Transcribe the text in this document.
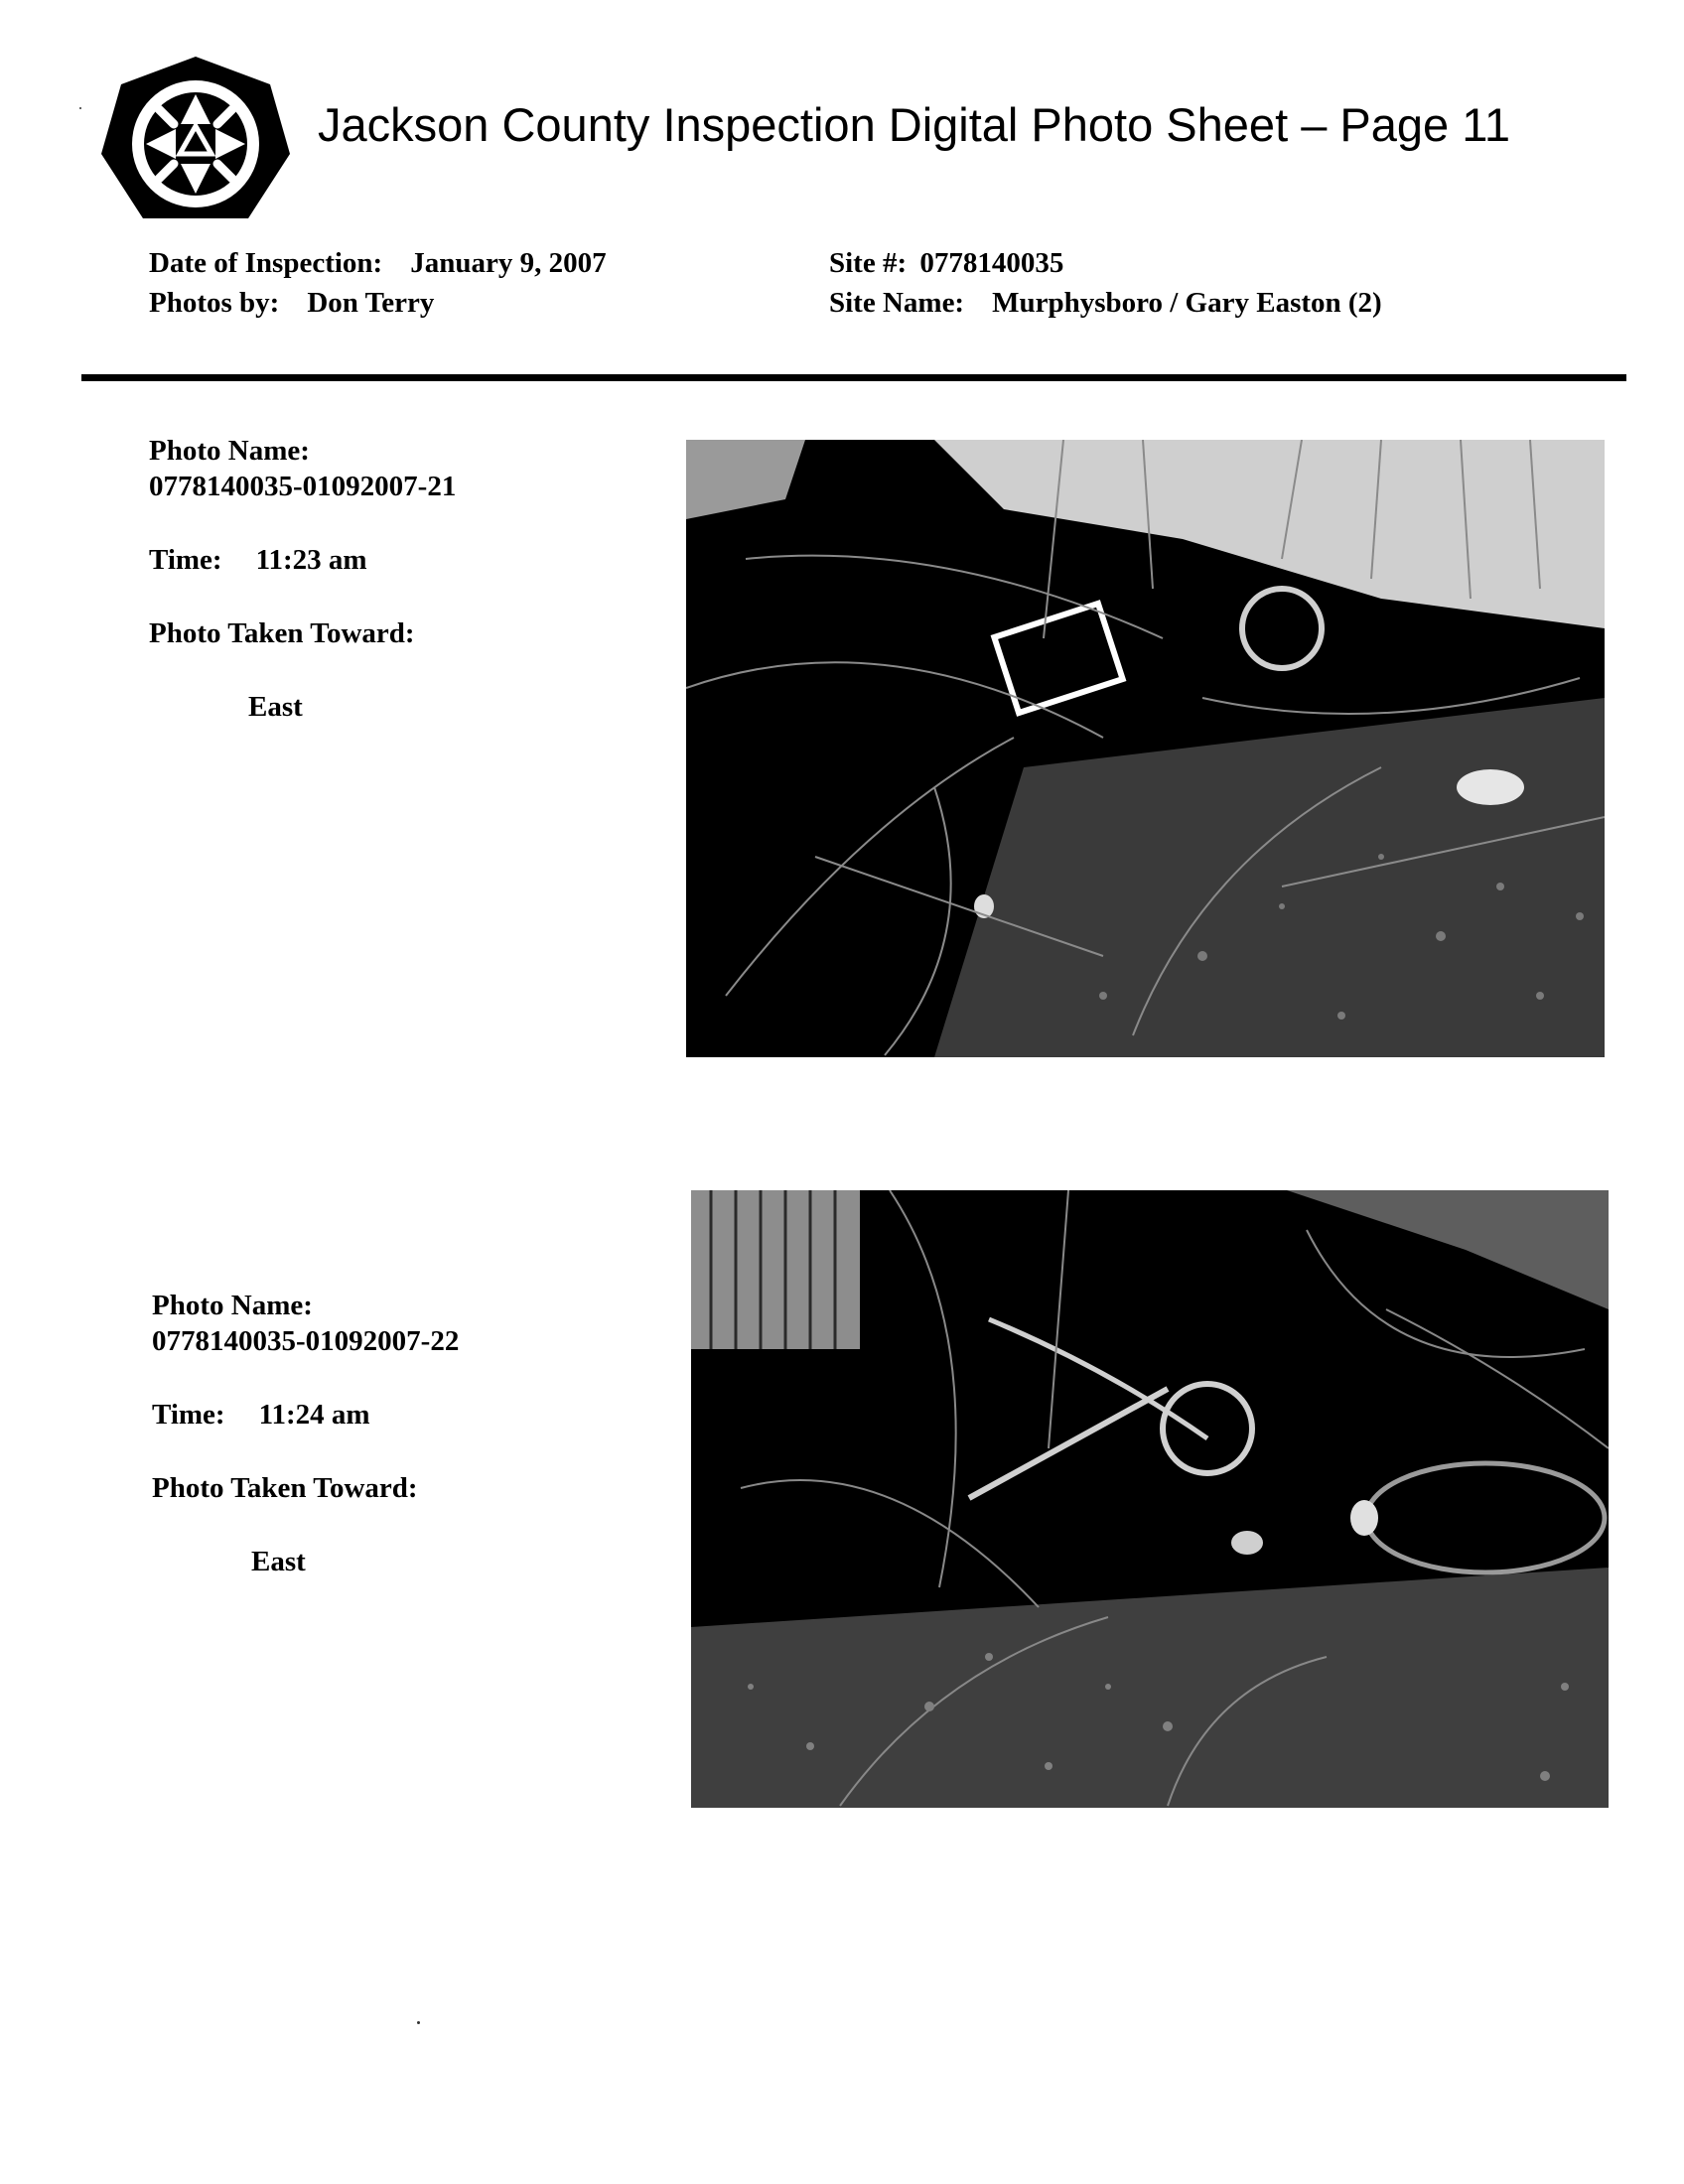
Jackson County Inspection Digital Photo Sheet – Page 11
Date of Inspection: January 9, 2007
Photos by: Don Terry
Site #: 0778140035
Site Name: Murphysboro / Gary Easton (2)
Photo Name:
0778140035-01092007-21
Time: 11:23 am
Photo Taken Toward:
East
Photo Name:
0778140035-01092007-22
Time: 11:24 am
Photo Taken Toward:
East
